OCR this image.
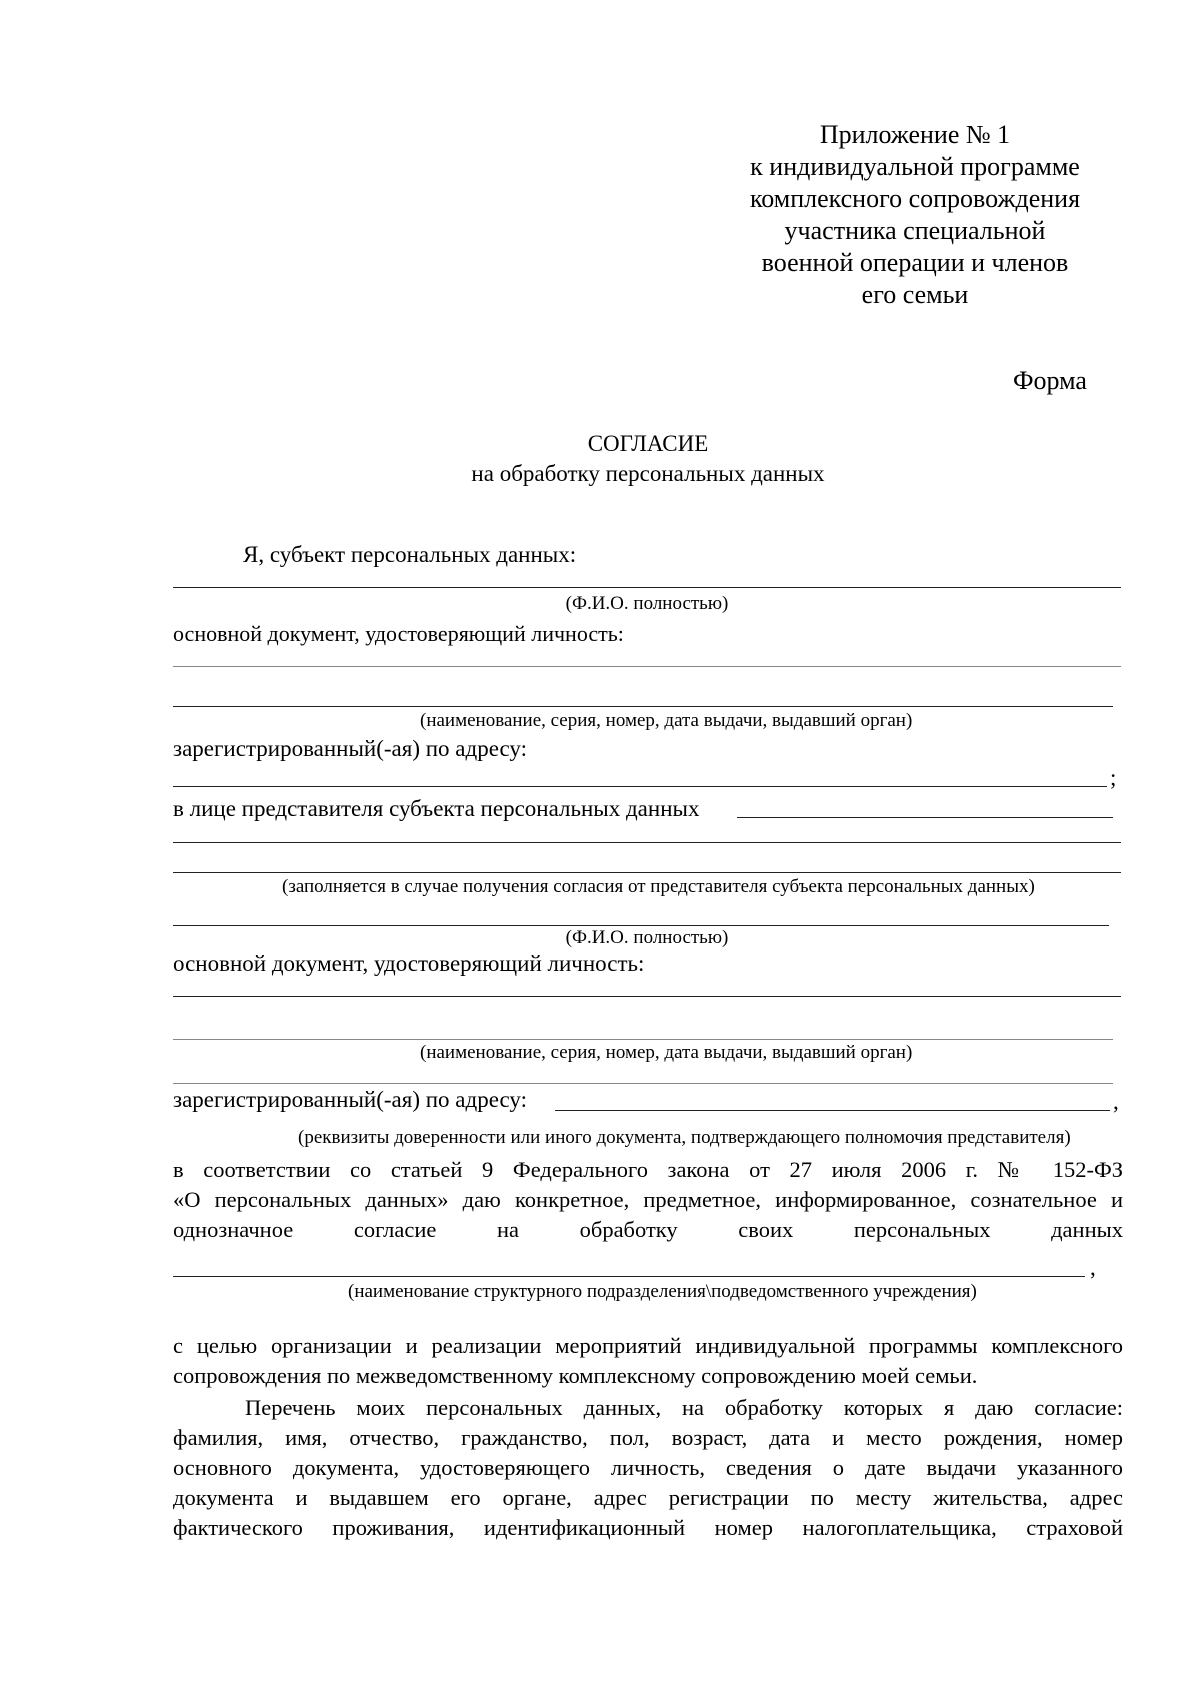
Приложение № 1
к индивидуальной программе
комплексного сопровождения
участника специальной
военной операции и членов
его семьи
Форма
СОГЛАСИЕ
на обработку персональных данных
Я, субъект персональных данных:
(Ф.И.О. полностью)
основной документ, удостоверяющий личность:
(наименование, серия, номер, дата выдачи, выдавший орган)
зарегистрированный(-ая) по адресу:
;
в лице представителя субъекта персональных данных
(заполняется в случае получения согласия от представителя субъекта персональных данных)
(Ф.И.О. полностью)
основной документ, удостоверяющий личность:
(наименование, серия, номер, дата выдачи, выдавший орган)
зарегистрированный(-ая) по адресу:	,
(реквизиты доверенности или иного документа, подтверждающего полномочия представителя)
в соответствии со статьей 9 Федерального закона от 27 июля 2006 г. № 152-ФЗ
«О персональных данных» даю конкретное, предметное, информированное, сознательное и
однозначное согласие на обработку своих персональных данных
,
(наименование структурного подразделения\подведомственного учреждения)
с целью организации и реализации мероприятий индивидуальной программы комплексного
сопровождения по межведомственному комплексному сопровождению моей семьи.
Перечень моих персональных данных, на обработку которых я даю согласие:
фамилия, имя, отчество, гражданство, пол, возраст, дата и место рождения, номер
основного документа, удостоверяющего личность, сведения о дате выдачи указанного
документа и выдавшем его органе, адрес регистрации по месту жительства, адрес
фактического проживания, идентификационный номер налогоплательщика, страховой
